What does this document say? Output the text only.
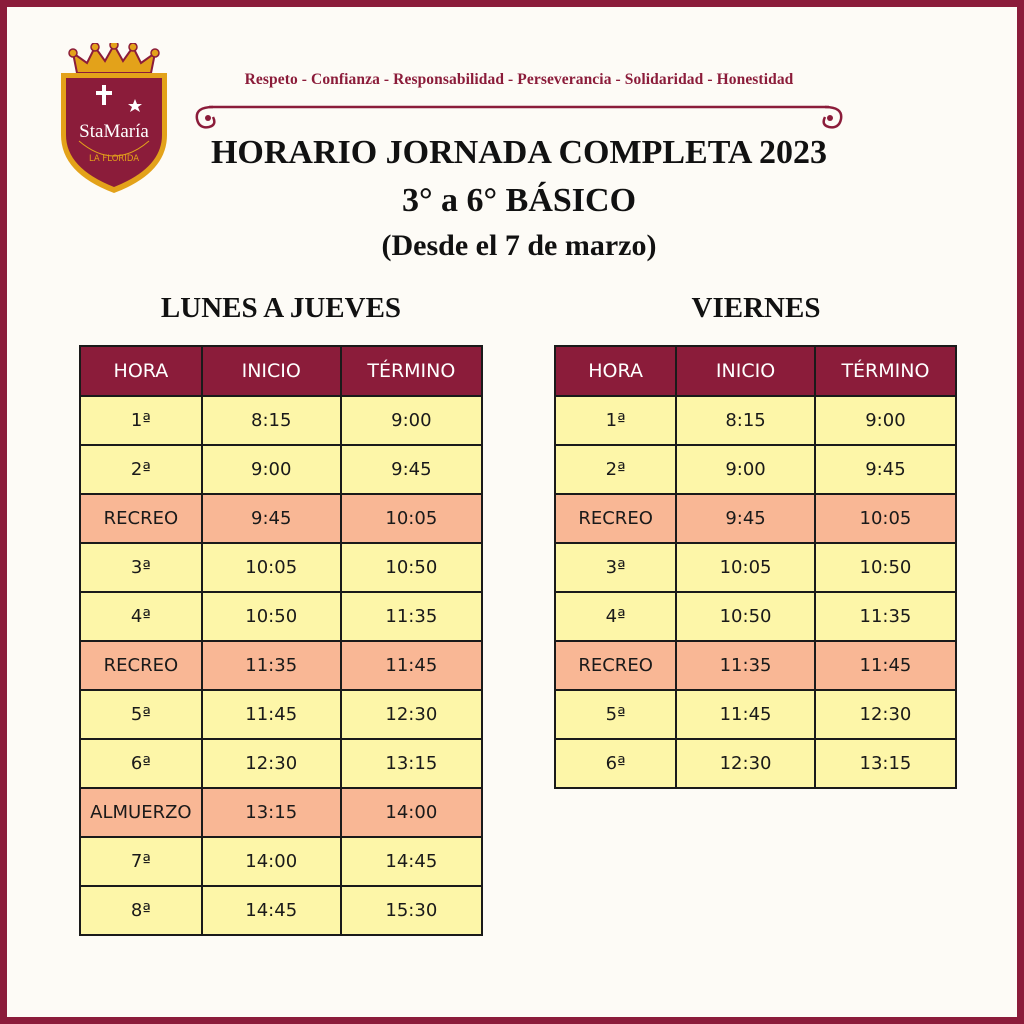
StaMaría
LA FLORIDA
Respeto - Confianza - Responsabilidad - Perseverancia - Solidaridad - Honestidad
HORARIO JORNADA COMPLETA 2023
3° a 6° BÁSICO
(Desde el 7 de marzo)
LUNES A JUEVES	VIERNES
HORA	INICIO	TÉRMINO
1ª	8:15	9:00
2ª	9:00	9:45
RECREO	9:45	10:05
3ª	10:05	10:50
4ª	10:50	11:35
RECREO	11:35	11:45
5ª	11:45	12:30
6ª	12:30	13:15
ALMUERZO	13:15	14:00
7ª	14:00	14:45
8ª	14:45	15:30
HORA	INICIO	TÉRMINO
1ª	8:15	9:00
2ª	9:00	9:45
RECREO	9:45	10:05
3ª	10:05	10:50
4ª	10:50	11:35
RECREO	11:35	11:45
5ª	11:45	12:30
6ª	12:30	13:15
